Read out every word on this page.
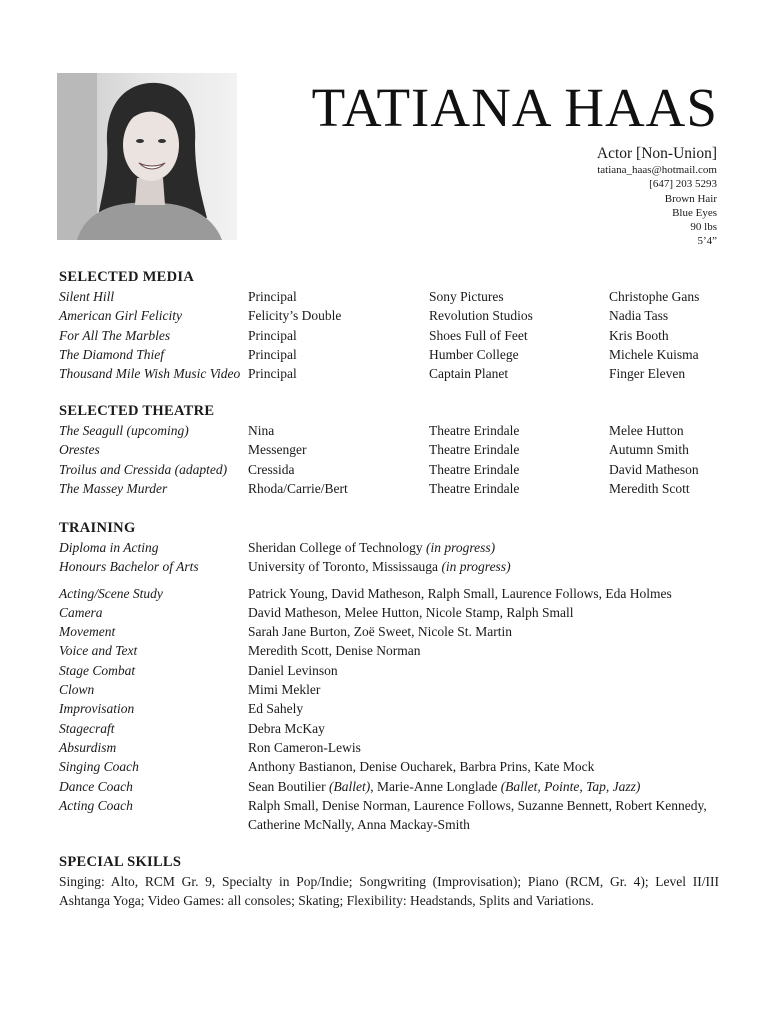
TATIANA HAAS
Actor [Non-Union]
tatiana_haas@hotmail.com
[647] 203 5293
Brown Hair
Blue Eyes
90 lbs
5’4”
SELECTED MEDIA
Silent Hill	Principal	Sony Pictures	Christophe Gans
American Girl Felicity	Felicity’s Double	Revolution Studios	Nadia Tass
For All The Marbles	Principal	Shoes Full of Feet	Kris Booth
The Diamond Thief	Principal	Humber College	Michele Kuisma
Thousand Mile Wish Music Video Principal	Captain Planet	Finger Eleven
SELECTED THEATRE
The Seagull (upcoming)	Nina	Theatre Erindale	Melee Hutton
Orestes	Messenger	Theatre Erindale	Autumn Smith
Troilus and Cressida (adapted) Cressida	Theatre Erindale	David Matheson
The Massey Murder	Rhoda/Carrie/Bert	Theatre Erindale	Meredith Scott
TRAINING
Diploma in Acting	Sheridan College of Technology (in progress)
Honours Bachelor of Arts	University of Toronto, Mississauga (in progress)
Acting/Scene Study	Patrick Young, David Matheson, Ralph Small, Laurence Follows, Eda Holmes
Camera	David Matheson, Melee Hutton, Nicole Stamp, Ralph Small
Movement	Sarah Jane Burton, Zoë Sweet, Nicole St. Martin
Voice and Text	Meredith Scott, Denise Norman
Stage Combat	Daniel Levinson
Clown	Mimi Mekler
Improvisation	Ed Sahely
Stagecraft	Debra McKay
Absurdism	Ron Cameron-Lewis
Singing Coach	Anthony Bastianon, Denise Oucharek, Barbra Prins, Kate Mock
Dance Coach	Sean Boutilier (Ballet), Marie-Anne Longlade (Ballet, Pointe, Tap, Jazz)
Acting Coach	Ralph Small, Denise Norman, Laurence Follows, Suzanne Bennett, Robert Kennedy, Catherine McNally, Anna Mackay-Smith
SPECIAL SKILLS
Singing: Alto, RCM Gr. 9, Specialty in Pop/Indie; Songwriting (Improvisation); Piano (RCM, Gr. 4); Level II/III Ashtanga Yoga; Video Games: all consoles; Skating; Flexibility: Headstands, Splits and Variations.
